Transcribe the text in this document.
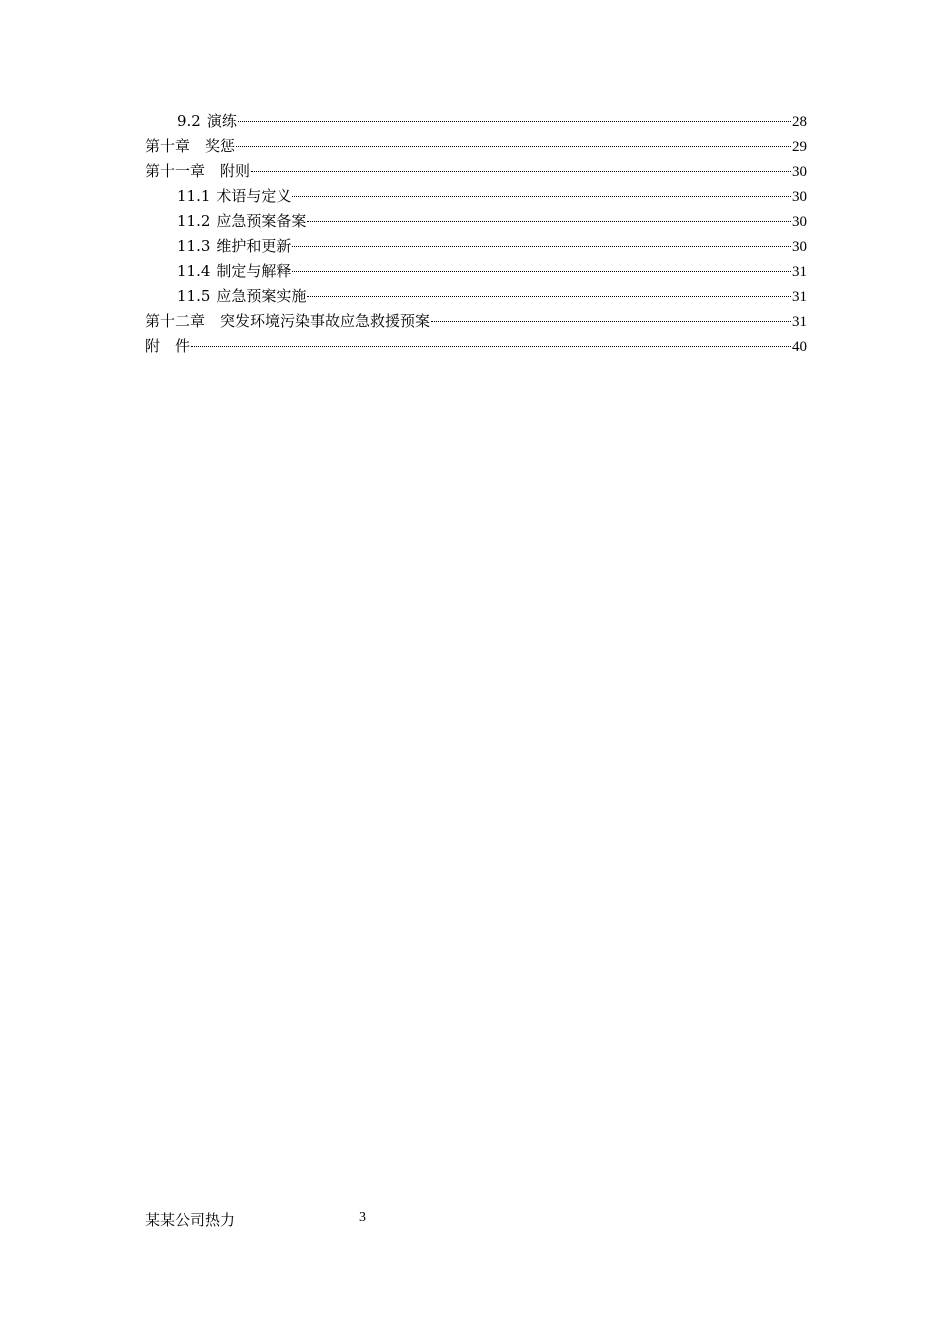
9.2 演练	28
第十章　奖惩	29
第十一章　附则	30
11.1 术语与定义	30
11.2 应急预案备案	30
11.3 维护和更新	30
11.4 制定与解释	31
11.5 应急预案实施	31
第十二章　突发环境污染事故应急救援预案	31
附　件	40
某某公司热力	3
